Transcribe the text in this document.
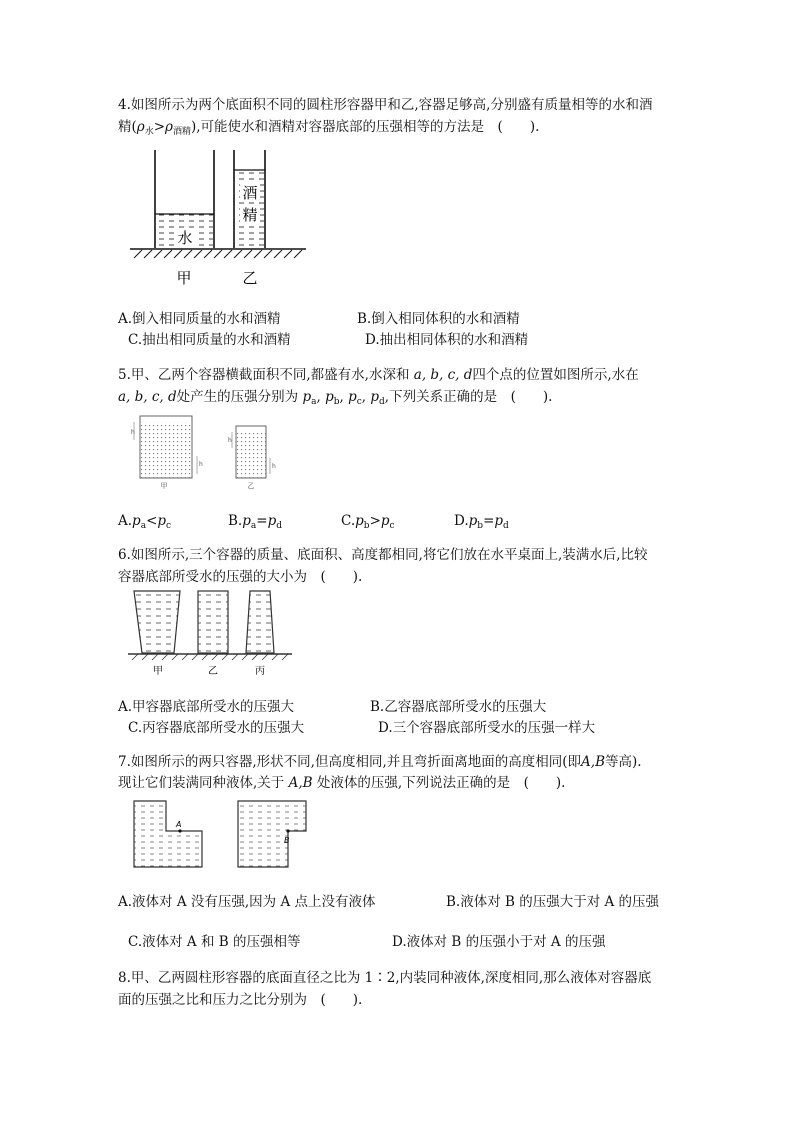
4.如图所示为两个底面积不同的圆柱形容器甲和乙,容器足够高,分别盛有质量相等的水和酒
精$(\rho_水>\rho_{酒精})$,可能使水和酒精对容器底部的压强相等的方法是　(　　).
水
酒
精
甲	乙
A.倒入相同质量的水和酒精	B.倒入相同体积的水和酒精
C.抽出相同质量的水和酒精	D.抽出相同体积的水和酒精
5.甲、乙两个容器横截面积不同,都盛有水,水深和 a, b, c, d四个点的位置如图所示,水在
a, b, c, d处产生的压强分别为 $p_a$, $p_b$, $p_c$, $p_d$,下列关系正确的是　(　　).
h
h
甲
h
h
乙
$A.p_a<p_c$	$B.p_a=p_d$	$C.p_b>p_c$	$D.p_b=p_d$
6.如图所示,三个容器的质量、底面积、高度都相同,将它们放在水平桌面上,装满水后,比较
容器底部所受水的压强的大小为　(　　).
甲	乙	丙
A.甲容器底部所受水的压强大	B.乙容器底部所受水的压强大
C.丙容器底部所受水的压强大	D.三个容器底部所受水的压强一样大
7.如图所示的两只容器,形状不同,但高度相同,并且弯折面离地面的高度相同(即A,B等高).
现让它们装满同种液体,关于 A,B 处液体的压强,下列说法正确的是　(　　).
A
B
A.液体对 A 没有压强,因为 A 点上没有液体	B.液体对 B 的压强大于对 A 的压强
C.液体对 A 和 B 的压强相等	D.液体对 B 的压强小于对 A 的压强
8.甲、乙两圆柱形容器的底面直径之比为 1∶2,内装同种液体,深度相同,那么液体对容器底
面的压强之比和压力之比分别为　(　　).
